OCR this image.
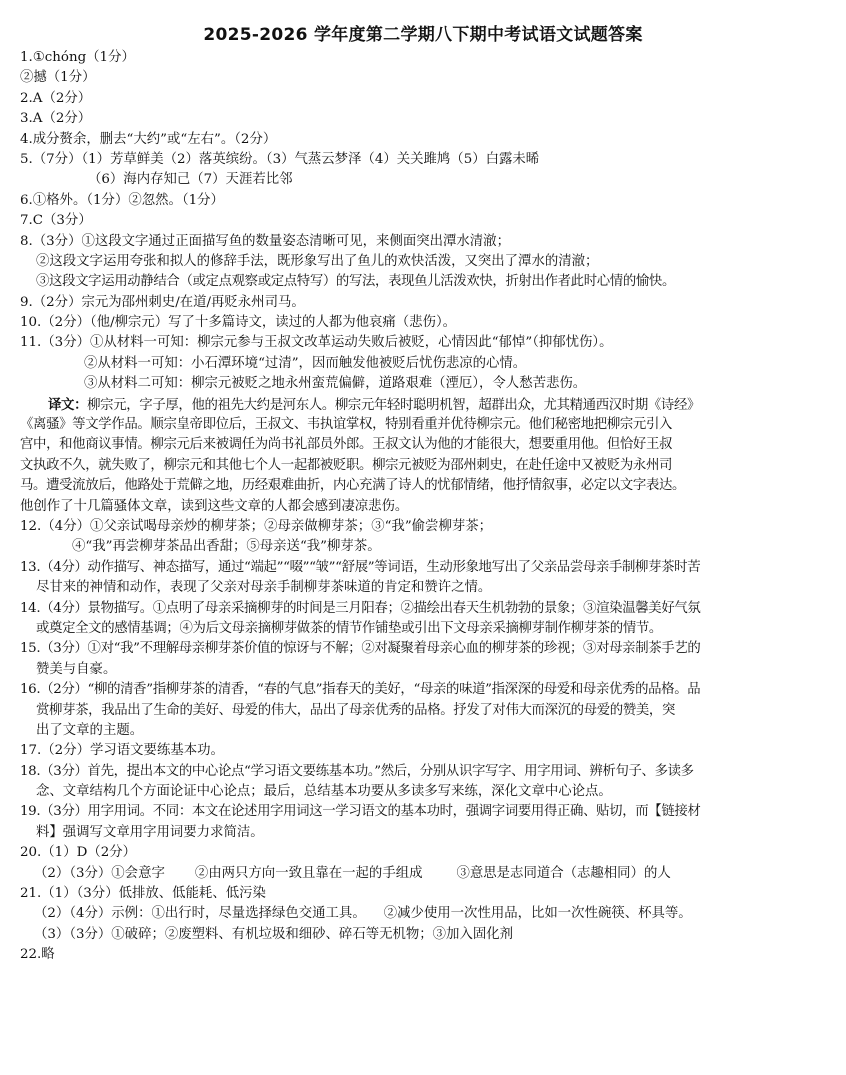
2025-2026 学年度第二学期八下期中考试语文试题答案
1.①chóng（1分）
②撼（1分）
2.A（2分）
3.A（2分）
4.成分赘余，删去“大约”或“左右”。（2分）
5.（7分）（1）芳草鲜美（2）落英缤纷。（3）气蒸云梦泽（4）关关雎鸠（5）白露未晞
（6）海内存知己（7）天涯若比邻
6.①格外。（1分）②忽然。（1分）
7.C（3分）
8.（3分）①这段文字通过正面描写鱼的数量姿态清晰可见，来侧面突出潭水清澈；
②这段文字运用夸张和拟人的修辞手法，既形象写出了鱼儿的欢快活泼，又突出了潭水的清澈；
③这段文字运用动静结合（或定点观察或定点特写）的写法，表现鱼儿活泼欢快，折射出作者此时心情的愉快。
9.（2分）宗元为邵州刺史/在道/再贬永州司马。
10.（2分）（他/柳宗元）写了十多篇诗文，读过的人都为他哀痛（悲伤）。
11.（3分）①从材料一可知：柳宗元参与王叔文改革运动失败后被贬，心情因此“郁悼”（抑郁忧伤）。
②从材料一可知：小石潭环境“过清”，因而触发他被贬后忧伤悲凉的心情。
③从材料二可知：柳宗元被贬之地永州蛮荒偏僻，道路艰难（湮厄），令人愁苦悲伤。
译文：柳宗元，字子厚，他的祖先大约是河东人。柳宗元年轻时聪明机智，超群出众，尤其精通西汉时期《诗经》
《离骚》等文学作品。顺宗皇帝即位后，王叔文、韦执谊掌权，特别看重并优待柳宗元。他们秘密地把柳宗元引入
宫中，和他商议事情。柳宗元后来被调任为尚书礼部员外郎。王叔文认为他的才能很大，想要重用他。但恰好王叔
文执政不久，就失败了，柳宗元和其他七个人一起都被贬职。柳宗元被贬为邵州刺史，在赴任途中又被贬为永州司
马。遭受流放后，他路处于荒僻之地，历经艰难曲折，内心充满了诗人的忧郁情绪，他抒情叙事，必定以文字表达。
他创作了十几篇骚体文章，读到这些文章的人都会感到凄凉悲伤。
12.（4分）①父亲试喝母亲炒的柳芽茶；②母亲做柳芽茶；③“我”偷尝柳芽茶；
④“我”再尝柳芽茶品出香甜；⑤母亲送“我”柳芽茶。
13.（4分）动作描写、神态描写，通过“端起”“啜”“皱”“舒展”等词语，生动形象地写出了父亲品尝母亲手制柳芽茶时苦
尽甘来的神情和动作，表现了父亲对母亲手制柳芽茶味道的肯定和赞许之情。
14.（4分）景物描写。①点明了母亲采摘柳芽的时间是三月阳春；②描绘出春天生机勃勃的景象；③渲染温馨美好气氛
或奠定全文的感情基调；④为后文母亲摘柳芽做茶的情节作铺垫或引出下文母亲采摘柳芽制作柳芽茶的情节。
15.（3分）①对“我”不理解母亲柳芽茶价值的惊讶与不解；②对凝聚着母亲心血的柳芽茶的珍视；③对母亲制茶手艺的
赞美与自豪。
16.（2分）“柳的清香”指柳芽茶的清香，“春的气息”指春天的美好，“母亲的味道”指深深的母爱和母亲优秀的品格。品
赏柳芽茶，我品出了生命的美好、母爱的伟大，品出了母亲优秀的品格。抒发了对伟大而深沉的母爱的赞美，突
出了文章的主题。
17.（2分）学习语文要练基本功。
18.（3分）首先，提出本文的中心论点“学习语文要练基本功。”然后，分别从识字写字、用字用词、辨析句子、多读多
念、文章结构几个方面论证中心论点；最后，总结基本功要从多读多写来练，深化文章中心论点。
19.（3分）用字用词。不同：本文在论述用字用词这一学习语文的基本功时，强调字词要用得正确、贴切，而【链接材
料】强调写文章用字用词要力求简洁。
20.（1）D（2分）
（2）（3分）①会意字 ②由两只方向一致且靠在一起的手组成	③意思是志同道合（志趣相同）的人
21.（1）（3分）低排放、低能耗、低污染
（2）（4分）示例：①出行时，尽量选择绿色交通工具。 ②减少使用一次性用品，比如一次性碗筷、杯具等。
（3）（3分）①破碎；②废塑料、有机垃圾和细砂、碎石等无机物；③加入固化剂
22.略
